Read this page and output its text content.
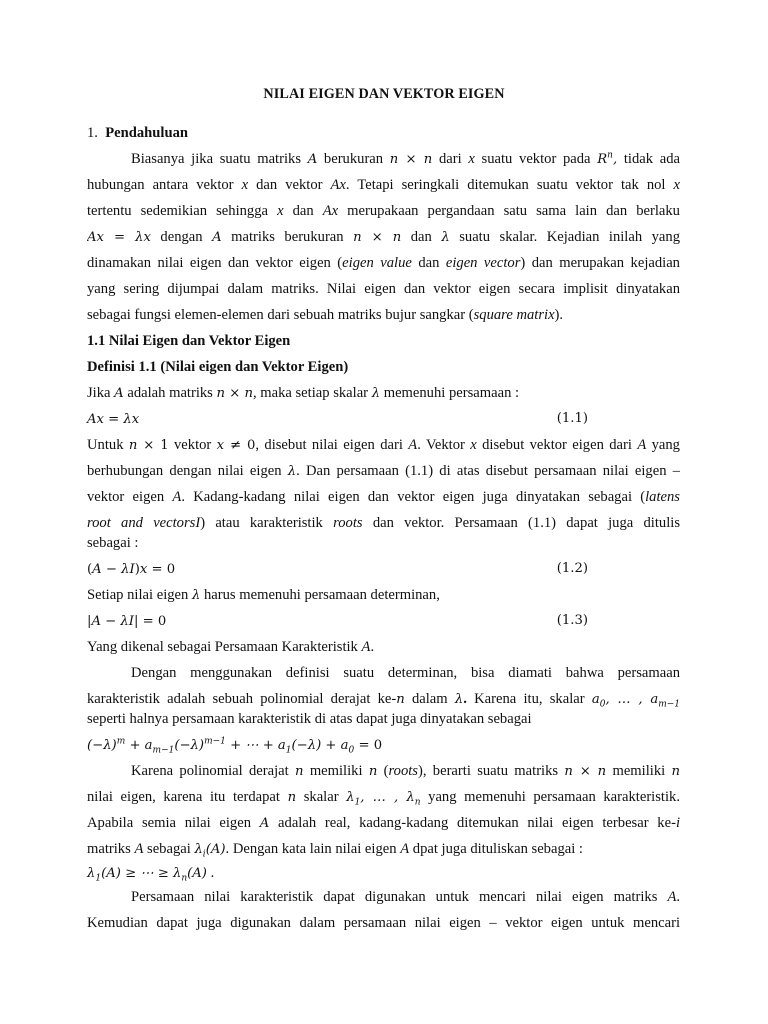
NILAI EIGEN DAN VEKTOR EIGEN
1. Pendahuluan
Biasanya jika suatu matriks A berukuran n × n dari x suatu vektor pada $R^n$, tidak ada
hubungan antara vektor x dan vektor Ax. Tetapi seringkali ditemukan suatu vektor tak nol x
tertentu sedemikian sehingga x dan Ax merupakaan pergandaan satu sama lain dan berlaku
Ax = λx dengan A matriks berukuran n × n dan λ suatu skalar. Kejadian inilah yang
dinamakan nilai eigen dan vektor eigen (eigen value dan eigen vector) dan merupakan kejadian
yang sering dijumpai dalam matriks. Nilai eigen dan vektor eigen secara implisit dinyatakan
sebagai fungsi elemen-elemen dari sebuah matriks bujur sangkar (square matrix).
1.1 Nilai Eigen dan Vektor Eigen
Definisi 1.1 (Nilai eigen dan Vektor Eigen)
Jika A adalah matriks n × n, maka setiap skalar λ memenuhi persamaan :
Ax = λx	(1.1)
Untuk n × 1 vektor x ≠ 0, disebut nilai eigen dari A. Vektor x disebut vektor eigen dari A yang
berhubungan dengan nilai eigen λ. Dan persamaan (1.1) di atas disebut persamaan nilai eigen –
vektor eigen A. Kadang-kadang nilai eigen dan vektor eigen juga dinyatakan sebagai (latens
root and vectorsI) atau karakteristik roots dan vektor. Persamaan (1.1) dapat juga ditulis
sebagai :
(A − λI)x = 0	(1.2)
Setiap nilai eigen λ harus memenuhi persamaan determinan,
|A − λI| = 0	(1.3)
Yang dikenal sebagai Persamaan Karakteristik A.
Dengan menggunakan definisi suatu determinan, bisa diamati bahwa persamaan
karakteristik adalah sebuah polinomial derajat ke-n dalam λ. Karena itu, skalar $a_0$, … , $a_{m-1}$
seperti halnya persamaan karakteristik di atas dapat juga dinyatakan sebagai
$(-\lambda)^m + a_{m-1}(-\lambda)^{m-1}$ + ⋯ + $a_1(-\lambda) + a_0 = 0$
Karena polinomial derajat n memiliki n (roots), berarti suatu matriks n × n memiliki n
nilai eigen, karena itu terdapat n skalar $\lambda_1$, … , $\lambda_n$ yang memenuhi persamaan karakteristik.
Apabila semia nilai eigen A adalah real, kadang-kadang ditemukan nilai eigen terbesar ke-i
matriks A sebagai $\lambda_i(A)$. Dengan kata lain nilai eigen A dpat juga dituliskan sebagai :
$\lambda_1(A)$ ≥ ⋯ ≥ $\lambda_n(A)$ .
Persamaan nilai karakteristik dapat digunakan untuk mencari nilai eigen matriks A.
Kemudian dapat juga digunakan dalam persamaan nilai eigen – vektor eigen untuk mencari
